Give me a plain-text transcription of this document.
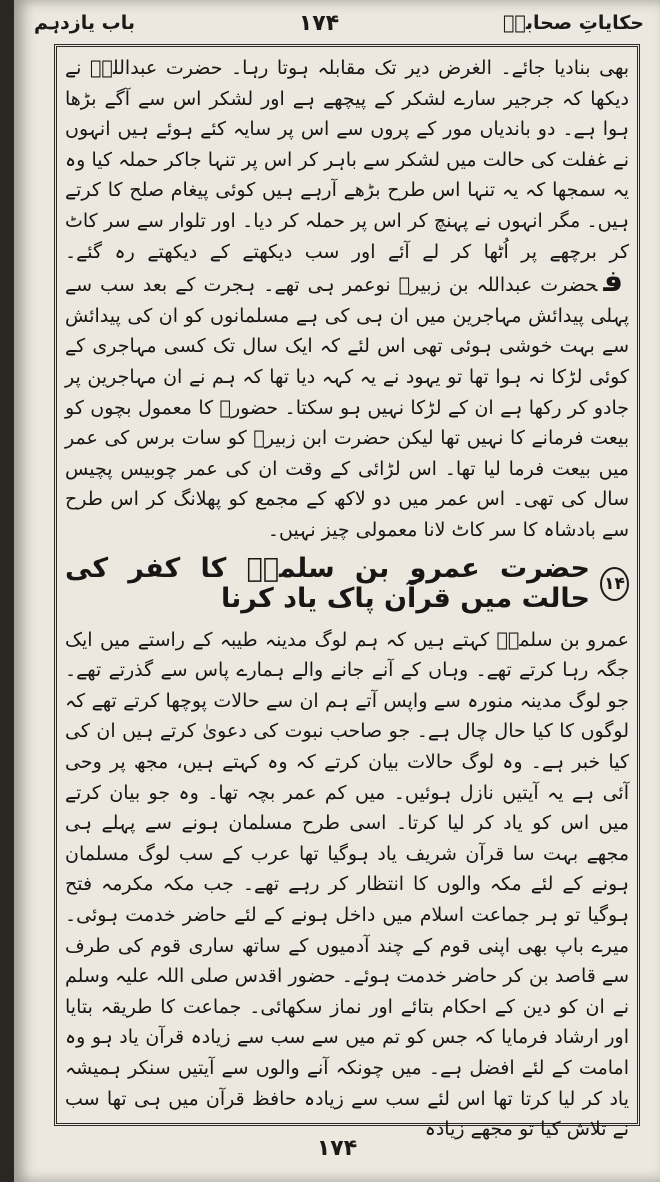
باب یازدہم	۱۷۴	حکایاتِ صحابہؓ

بھی بنادیا جائے۔ الغرض دیر تک مقابلہ ہوتا رہا۔ حضرت عبداللہؓ نے دیکھا کہ جرجیر سارے لشکر کے پیچھے ہے اور لشکر اس سے آگے بڑھا ہوا ہے۔ دو باندیاں مور کے پروں سے اس پر سایہ کئے ہوئے ہیں انہوں نے غفلت کی حالت میں لشکر سے باہر کر اس پر تنہا جاکر حملہ کیا وہ یہ سمجھا کہ یہ تنہا اس طرح بڑھے آرہے ہیں کوئی پیغام صلح کا کرتے ہیں۔ مگر انہوں نے پہنچ کر اس پر حملہ کر دیا۔ اور تلوار سے سر کاٹ کر برچھے پر اُٹھا کر لے آئے اور سب دیکھتے کے دیکھتے رہ گئے۔ فحضرت عبداللہ بن زبیرؓ نوعمر ہی تھے۔ ہجرت کے بعد سب سے پہلی پیدائش مہاجرین میں ان ہی کی ہے مسلمانوں کو ان کی پیدائش سے بہت خوشی ہوئی تھی اس لئے کہ ایک سال تک کسی مہاجری کے کوئی لڑکا نہ ہوا تھا تو یہود نے یہ کہہ دیا تھا کہ ہم نے ان مہاجرین پر جادو کر رکھا ہے ان کے لڑکا نہیں ہو سکتا۔ حضورؐ کا معمول بچوں کو بیعت فرمانے کا نہیں تھا لیکن حضرت ابن زبیرؓ کو سات برس کی عمر میں بیعت فرما لیا تھا۔ اس لڑائی کے وقت ان کی عمر چوبیس پچیس سال کی تھی۔ اس عمر میں دو لاکھ کے مجمع کو پھلانگ کر اس طرح سے بادشاہ کا سر کاٹ لانا معمولی چیز نہیں۔

۱۴
حضرت عمرو بن سلمہؓ کا کفر کی حالت میں قرآن پاک یاد کرنا

عمرو بن سلمہؓ کہتے ہیں کہ ہم لوگ مدینہ طیبہ کے راستے میں ایک جگہ رہا کرتے تھے۔ وہاں کے آنے جانے والے ہمارے پاس سے گذرتے تھے۔ جو لوگ مدینہ منورہ سے واپس آتے ہم ان سے حالات پوچھا کرتے تھے کہ لوگوں کا کیا حال چال ہے۔ جو صاحب نبوت کی دعویٰ کرتے ہیں ان کی کیا خبر ہے۔ وہ لوگ حالات بیان کرتے کہ وہ کہتے ہیں، مجھ پر وحی آئی ہے یہ آیتیں نازل ہوئیں۔ میں کم عمر بچہ تھا۔ وہ جو بیان کرتے میں اس کو یاد کر لیا کرتا۔ اسی طرح مسلمان ہونے سے پہلے ہی مجھے بہت سا قرآن شریف یاد ہوگیا تھا عرب کے سب لوگ مسلمان ہونے کے لئے مکہ والوں کا انتظار کر رہے تھے۔ جب مکہ مکرمہ فتح ہوگیا تو ہر جماعت اسلام میں داخل ہونے کے لئے حاضر خدمت ہوئی۔ میرے باپ بھی اپنی قوم کے چند آدمیوں کے ساتھ ساری قوم کی طرف سے قاصد بن کر حاضر خدمت ہوئے۔ حضور اقدس صلی اللہ علیہ وسلم نے ان کو دین کے احکام بتائے اور نماز سکھائی۔ جماعت کا طریقہ بتایا اور ارشاد فرمایا کہ جس کو تم میں سے سب سے زیادہ قرآن یاد ہو وہ امامت کے لئے افضل ہے۔ میں چونکہ آنے والوں سے آیتیں سنکر ہمیشہ یاد کر لیا کرتا تھا اس لئے سب سے زیادہ حافظ قرآن میں ہی تھا سب نے تلاش کیا تو مجھے زیادہ

۱۷۴
